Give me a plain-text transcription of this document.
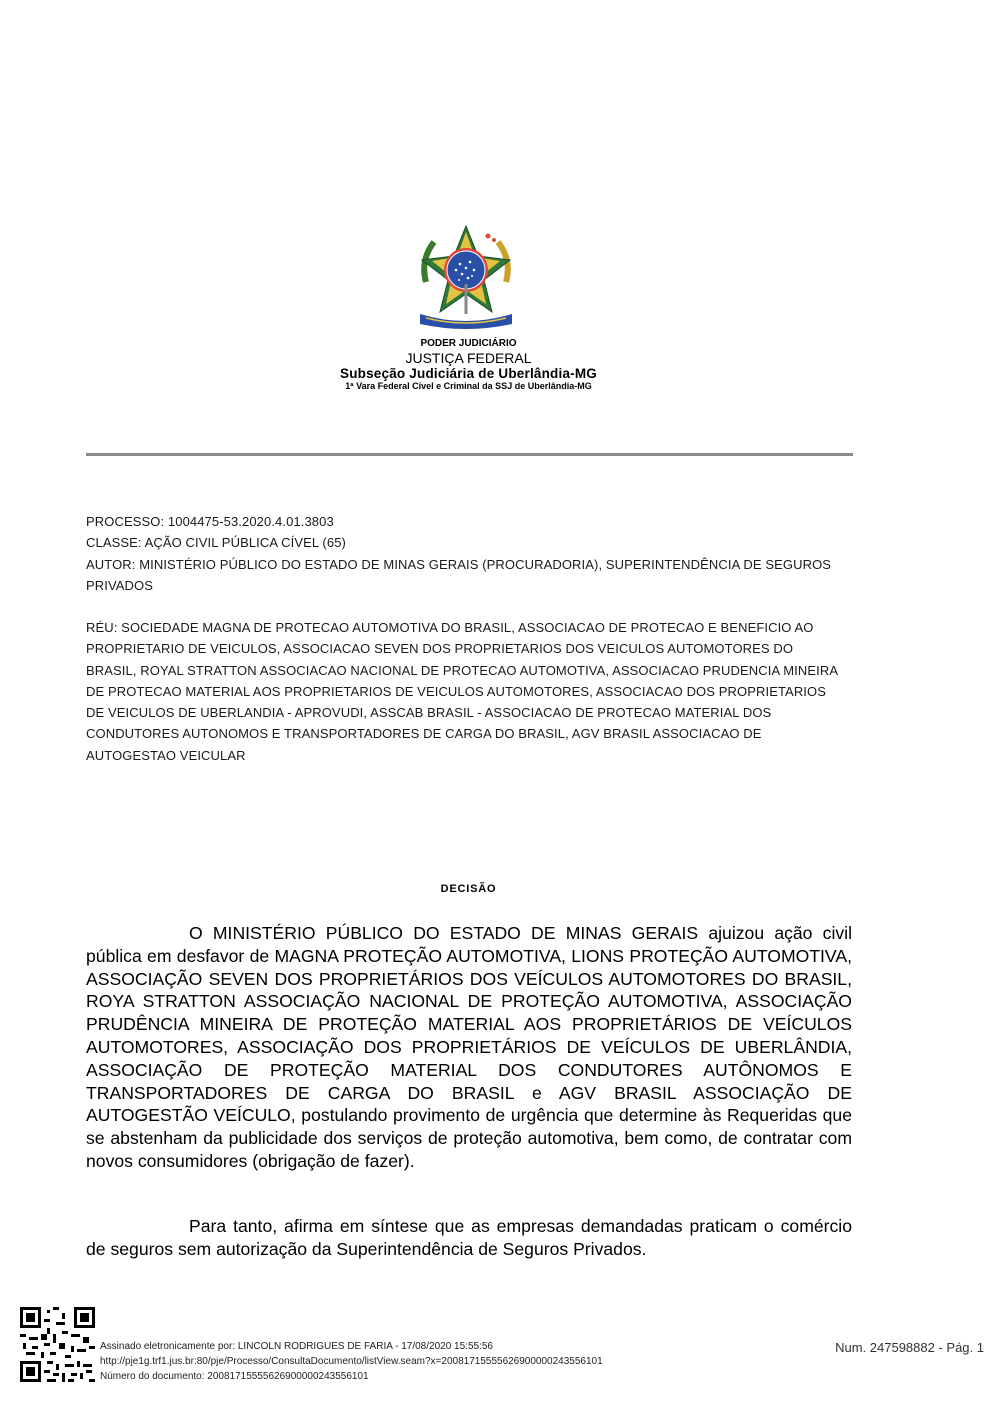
PODER JUDICIÁRIO
JUSTIÇA FEDERAL
Subseção Judiciária de Uberlândia-MG
1ª Vara Federal Cível e Criminal da SSJ de Uberlândia-MG

PROCESSO: 1004475-53.2020.4.01.3803

CLASSE: AÇÃO CIVIL PÚBLICA CÍVEL (65)

AUTOR: MINISTÉRIO PÚBLICO DO ESTADO DE MINAS GERAIS (PROCURADORIA), SUPERINTENDÊNCIA DE SEGUROS PRIVADOS

RÉU: SOCIEDADE MAGNA DE PROTECAO AUTOMOTIVA DO BRASIL, ASSOCIACAO DE PROTECAO E BENEFICIO AO PROPRIETARIO DE VEICULOS, ASSOCIACAO SEVEN DOS PROPRIETARIOS DOS VEICULOS AUTOMOTORES DO BRASIL, ROYAL STRATTON ASSOCIACAO NACIONAL DE PROTECAO AUTOMOTIVA, ASSOCIACAO PRUDENCIA MINEIRA DE PROTECAO MATERIAL AOS PROPRIETARIOS DE VEICULOS AUTOMOTORES, ASSOCIACAO DOS PROPRIETARIOS DE VEICULOS DE UBERLANDIA - APROVUDI, ASSCAB BRASIL - ASSOCIACAO DE PROTECAO MATERIAL DOS CONDUTORES AUTONOMOS E TRANSPORTADORES DE CARGA DO BRASIL, AGV BRASIL ASSOCIACAO DE AUTOGESTAO VEICULAR

DECISÃO

O MINISTÉRIO PÚBLICO DO ESTADO DE MINAS GERAIS ajuizou ação civil pública em desfavor de MAGNA PROTEÇÃO AUTOMOTIVA, LIONS PROTEÇÃO AUTOMOTIVA, ASSOCIAÇÃO SEVEN DOS PROPRIETÁRIOS DOS VEÍCULOS AUTOMOTORES DO BRASIL, ROYA STRATTON ASSOCIAÇÃO NACIONAL DE PROTEÇÃO AUTOMOTIVA, ASSOCIAÇÃO PRUDÊNCIA MINEIRA DE PROTEÇÃO MATERIAL AOS PROPRIETÁRIOS DE VEÍCULOS AUTOMOTORES, ASSOCIAÇÃO DOS PROPRIETÁRIOS DE VEÍCULOS DE UBERLÂNDIA, ASSOCIAÇÃO DE PROTEÇÃO MATERIAL DOS CONDUTORES AUTÔNOMOS E TRANSPORTADORES DE CARGA DO BRASIL e AGV BRASIL ASSOCIAÇÃO DE AUTOGESTÃO VEÍCULO, postulando provimento de urgência que determine às Requeridas que se abstenham da publicidade dos serviços de proteção automotiva, bem como, de contratar com novos consumidores (obrigação de fazer).

Para tanto, afirma em síntese que as empresas demandadas praticam o comércio de seguros sem autorização da Superintendência de Seguros Privados.

Assinado eletronicamente por: LINCOLN RODRIGUES DE FARIA - 17/08/2020 15:55:56
http://pje1g.trf1.jus.br:80/pje/Processo/ConsultaDocumento/listView.seam?x=20081715555626900000243556101
Número do documento: 20081715555626900000243556101
Num. 247598882 - Pág. 1
